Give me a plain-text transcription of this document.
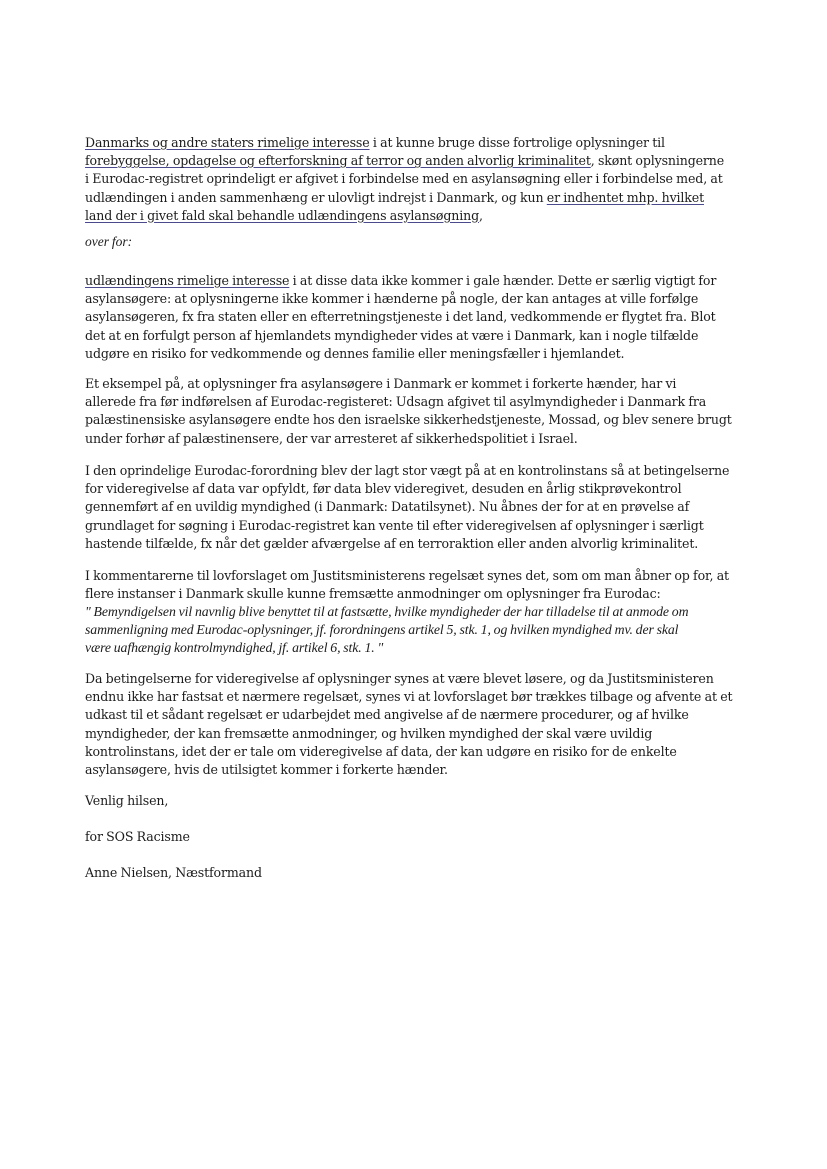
Danmarks og andre staters rimelige interesse i at kunne bruge disse fortrolige oplysninger til
forebyggelse, opdagelse og efterforskning af terror og anden alvorlig kriminalitet, skønt oplysningerne
i Eurodac-registret oprindeligt er afgivet i forbindelse med en asylansøgning eller i forbindelse med, at
udlændingen i anden sammenhæng er ulovligt indrejst i Danmark, og kun er indhentet mhp. hvilket
land der i givet fald skal behandle udlændingens asylansøgning,
over for:
udlændingens rimelige interesse i at disse data ikke kommer i gale hænder. Dette er særlig vigtigt for
asylansøgere: at oplysningerne ikke kommer i hænderne på nogle, der kan antages at ville forfølge
asylansøgeren, fx fra staten eller en efterretningstjeneste i det land, vedkommende er flygtet fra. Blot
det at en forfulgt person af hjemlandets myndigheder vides at være i Danmark, kan i nogle tilfælde
udgøre en risiko for vedkommende og dennes familie eller meningsfæller i hjemlandet.
Et eksempel på, at oplysninger fra asylansøgere i Danmark er kommet i forkerte hænder, har vi
allerede fra før indførelsen af Eurodac-registeret: Udsagn afgivet til asylmyndigheder i Danmark fra
palæstinensiske asylansøgere endte hos den israelske sikkerhedstjeneste, Mossad, og blev senere brugt
under forhør af palæstinensere, der var arresteret af sikkerhedspolitiet i Israel.
I den oprindelige Eurodac-forordning blev der lagt stor vægt på at en kontrolinstans så at betingelserne
for videregivelse af data var opfyldt, før data blev videregivet, desuden en årlig stikprøvekontrol
gennemført af en uvildig myndighed (i Danmark: Datatilsynet). Nu åbnes der for at en prøvelse af
grundlaget for søgning i Eurodac-registret kan vente til efter videregivelsen af oplysninger i særligt
hastende tilfælde, fx når det gælder afværgelse af en terroraktion eller anden alvorlig kriminalitet.
I kommentarerne til lovforslaget om Justitsministerens regelsæt synes det, som om man åbner op for, at
flere instanser i Danmark skulle kunne fremsætte anmodninger om oplysninger fra Eurodac:
" Bemyndigelsen vil navnlig blive benyttet til at fastsætte, hvilke myndigheder der har tilladelse til at anmode om
sammenligning med Eurodac-oplysninger, jf. forordningens artikel 5, stk. 1, og hvilken myndighed mv. der skal
være uafhængig kontrolmyndighed, jf. artikel 6, stk. 1. "
Da betingelserne for videregivelse af oplysninger synes at være blevet løsere, og da Justitsministeren
endnu ikke har fastsat et nærmere regelsæt, synes vi at lovforslaget bør trækkes tilbage og afvente at et
udkast til et sådant regelsæt er udarbejdet med angivelse af de nærmere procedurer, og af hvilke
myndigheder, der kan fremsætte anmodninger, og hvilken myndighed der skal være uvildig
kontrolinstans, idet der er tale om videregivelse af data, der kan udgøre en risiko for de enkelte
asylansøgere, hvis de utilsigtet kommer i forkerte hænder.
Venlig hilsen,
for SOS Racisme
Anne Nielsen, Næstformand
